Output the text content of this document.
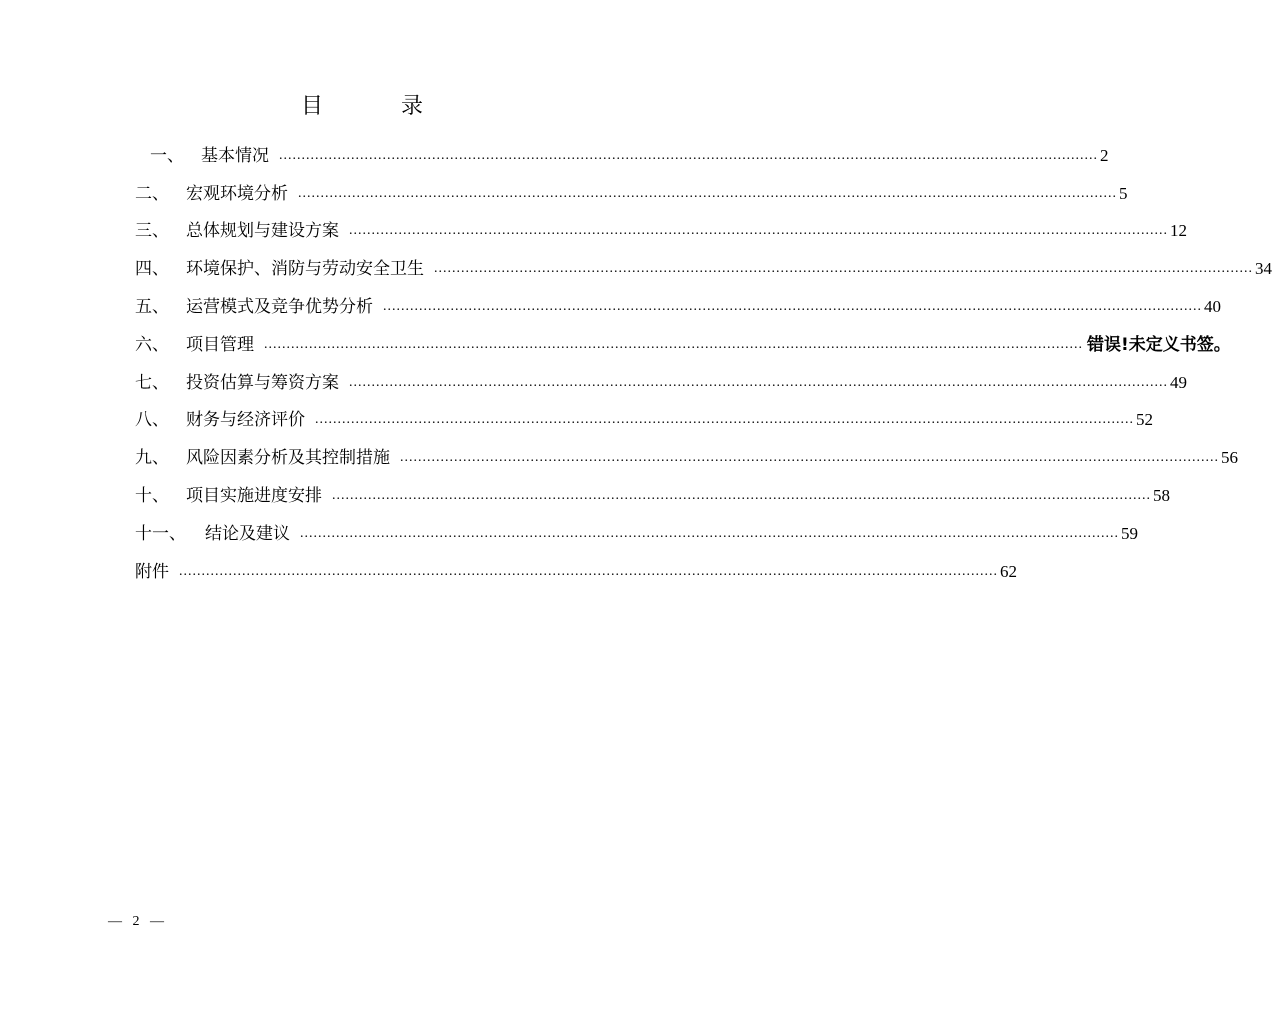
目　录
一、	基本情况 ...................................................................................................................................................................................... 2
二、	宏观环境分析 ...................................................................................................................................................................................... 5
三、	总体规划与建设方案 ...................................................................................................................................................................................... 12
四、	环境保护、消防与劳动安全卫生 ...................................................................................................................................................................................... 34
五、	运营模式及竞争优势分析 ...................................................................................................................................................................................... 40
六、	项目管理 ...................................................................................................................................................................................... 错误!未定义书签。
七、	投资估算与筹资方案 ...................................................................................................................................................................................... 49
八、	财务与经济评价 ...................................................................................................................................................................................... 52
九、	风险因素分析及其控制措施 ...................................................................................................................................................................................... 56
十、	项目实施进度安排 ...................................................................................................................................................................................... 58
十一、	结论及建议 ...................................................................................................................................................................................... 59
附件 ...................................................................................................................................................................................... 62
—   2   —
